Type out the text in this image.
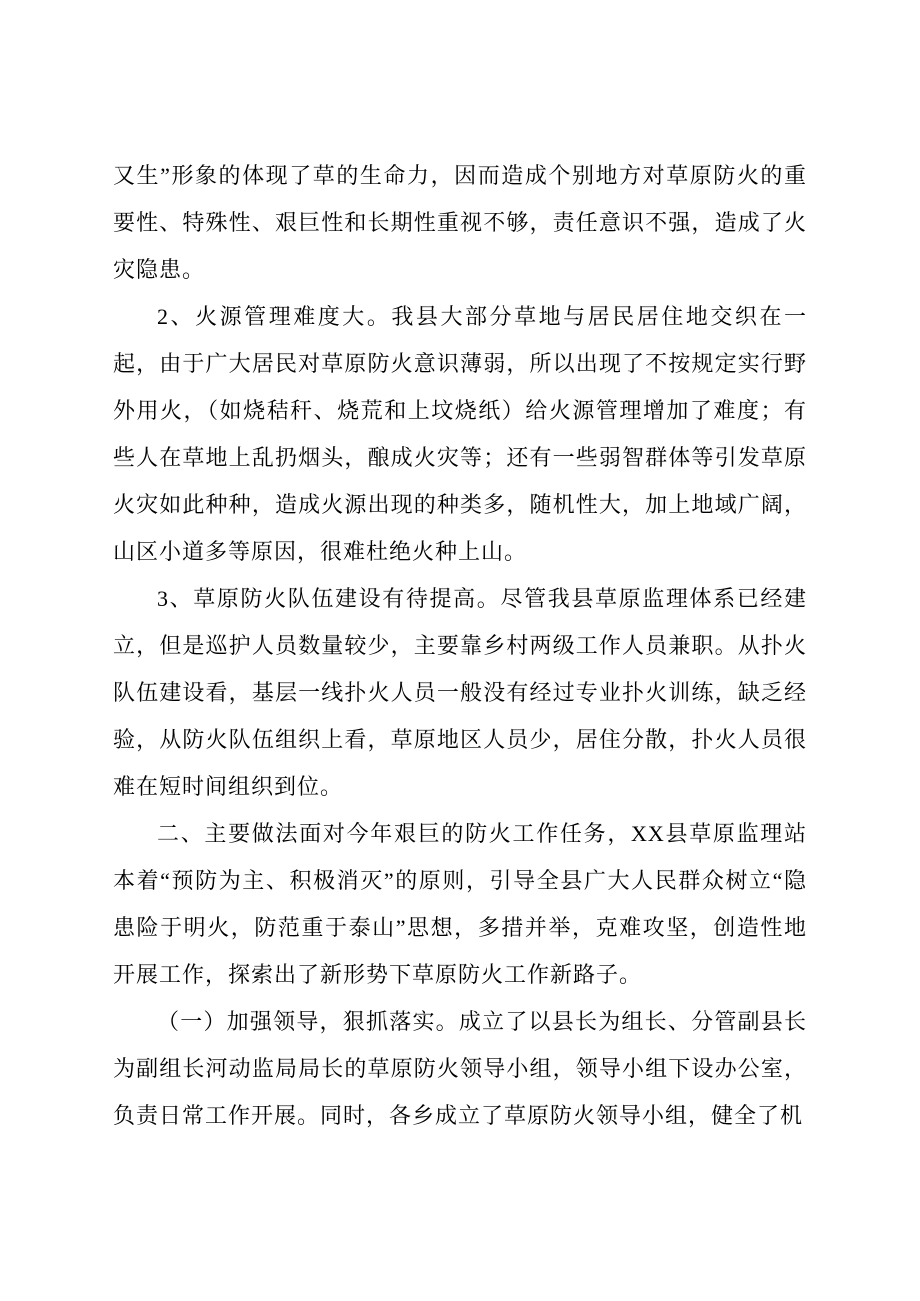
又生”形象的体现了草的生命力，因而造成个别地方对草原防火的重要性、特殊性、艰巨性和长期性重视不够，责任意识不强，造成了火灾隐患。

2、火源管理难度大。我县大部分草地与居民居住地交织在一起，由于广大居民对草原防火意识薄弱，所以出现了不按规定实行野外用火，（如烧秸秆、烧荒和上坟烧纸）给火源管理增加了难度；有些人在草地上乱扔烟头，酿成火灾等；还有一些弱智群体等引发草原火灾如此种种，造成火源出现的种类多，随机性大，加上地域广阔，山区小道多等原因，很难杜绝火种上山。

3、草原防火队伍建设有待提高。尽管我县草原监理体系已经建立，但是巡护人员数量较少，主要靠乡村两级工作人员兼职。从扑火队伍建设看，基层一线扑火人员一般没有经过专业扑火训练，缺乏经验，从防火队伍组织上看，草原地区人员少，居住分散，扑火人员很难在短时间组织到位。

二、主要做法面对今年艰巨的防火工作任务，XX县草原监理站本着“预防为主、积极消灭”的原则，引导全县广大人民群众树立“隐患险于明火，防范重于泰山”思想，多措并举，克难攻坚，创造性地开展工作，探索出了新形势下草原防火工作新路子。

（一）加强领导，狠抓落实。成立了以县长为组长、分管副县长为副组长河动监局局长的草原防火领导小组，领导小组下设办公室，负责日常工作开展。同时，各乡成立了草原防火领导小组，健全了机
